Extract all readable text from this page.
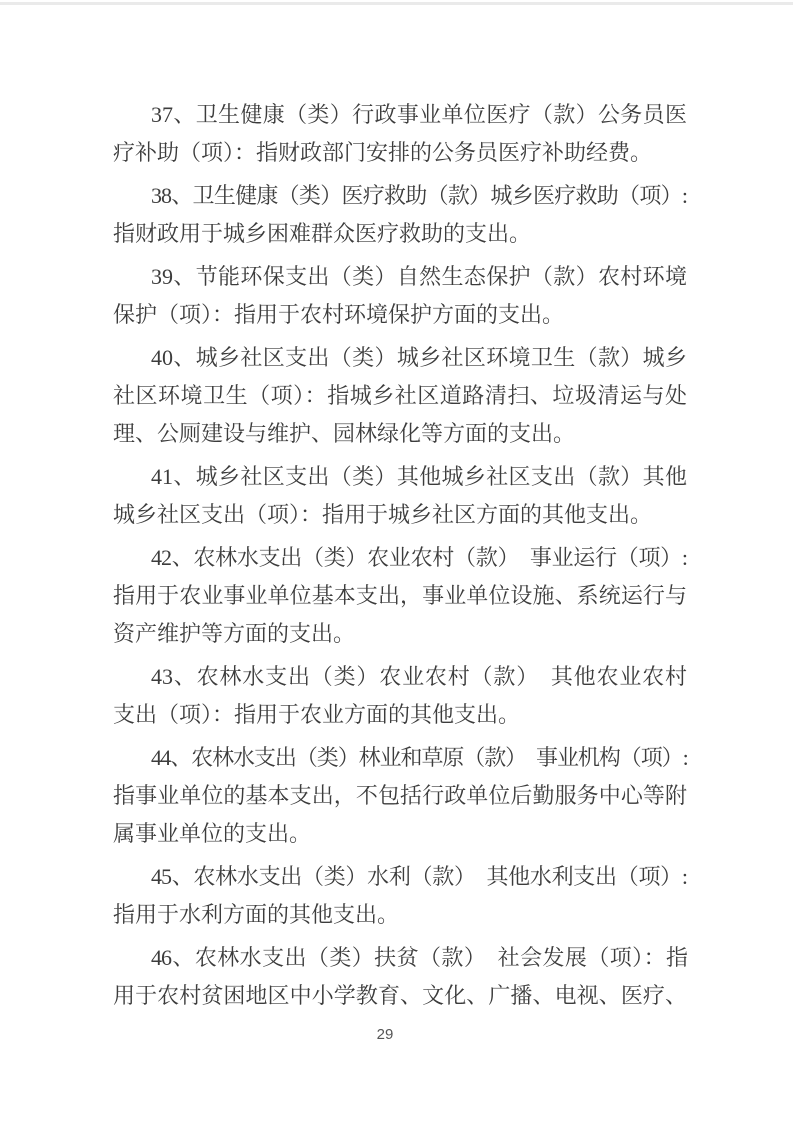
37、卫生健康（类）行政事业单位医疗（款）公务员医
疗补助（项）：指财政部门安排的公务员医疗补助经费。
38、卫生健康（类）医疗救助（款）城乡医疗救助（项）:
指财政用于城乡困难群众医疗救助的支出。
39、节能环保支出（类）自然生态保护（款）农村环境
保护（项）：指用于农村环境保护方面的支出。
40、城乡社区支出（类）城乡社区环境卫生（款）城乡
社区环境卫生（项）：指城乡社区道路清扫、垃圾清运与处
理、公厕建设与维护、园林绿化等方面的支出。
41、城乡社区支出（类）其他城乡社区支出（款）其他
城乡社区支出（项）：指用于城乡社区方面的其他支出。
42、农林水支出（类）农业农村（款）　事业运行（项）:
指用于农业事业单位基本支出，事业单位设施、系统运行与
资产维护等方面的支出。
43、农林水支出（类）农业农村（款）　其他农业农村
支出（项）：指用于农业方面的其他支出。
44、农林水支出（类）林业和草原（款）　事业机构（项）:
指事业单位的基本支出，不包括行政单位后勤服务中心等附
属事业单位的支出。
45、农林水支出（类）水利（款）　其他水利支出（项）:
指用于水利方面的其他支出。
46、农林水支出（类）扶贫（款）　社会发展（项）：指
用于农村贫困地区中小学教育、文化、广播、电视、医疗、
29
